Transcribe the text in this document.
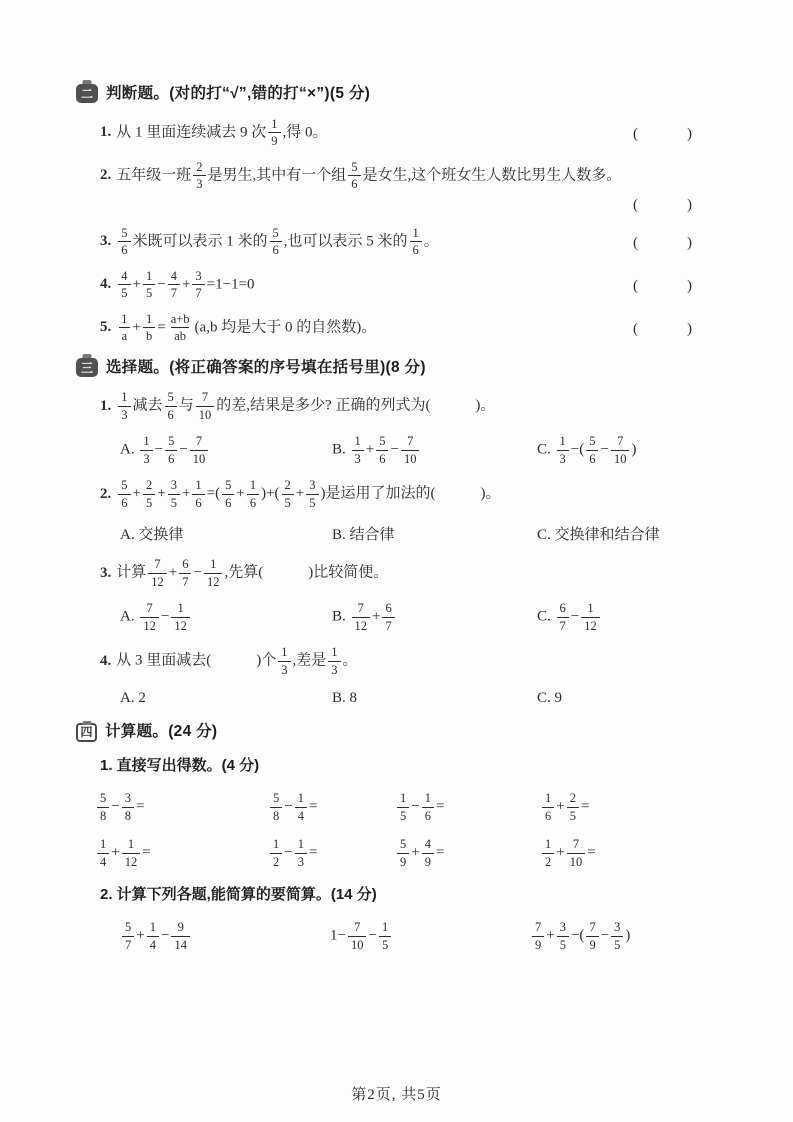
二 判断题。(对的打“√”,错的打“×”)(5 分)
1. 从 1 里面连续减去 9 次 $\frac{1}{9}$ ,得 0。	(　　　)
2. 五年级一班 $\frac{2}{3}$ 是男生,其中有一个组 $\frac{5}{6}$ 是女生,这个班女生人数比男生人数多。
(　　　)
3. $\frac{5}{6}$ 米既可以表示 1 米的 $\frac{5}{6}$ ,也可以表示 5 米的 $\frac{1}{6}$ 。	(　　　)
4. $\frac{4}{5} + \frac{1}{5} - \frac{4}{7} + \frac{3}{7} =1-1=0$	(　　　)
5. $\frac{1}{a} + \frac{1}{b} = \frac{a+b}{ab} (a,b$ 均是大于 0 的自然数)。	(　　　)
三 选择题。(将正确答案的序号填在括号里)(8 分)
1. $\frac{1}{3}$ 减去 $\frac{5}{6}$ 与 $\frac{7}{10}$ 的差,结果是多少? 正确的列式为(　　　)。
A. $\frac{1}{3} - \frac{5}{6} - \frac{7}{10}$	B. $\frac{1}{3} + \frac{5}{6} - \frac{7}{10}$	C. $\frac{1}{3}$ −( $\frac{5}{6} - \frac{7}{10}$ )
2. $\frac{5}{6} + \frac{2}{5} + \frac{3}{5} + \frac{1}{6}$ =( $\frac{5}{6} + \frac{1}{6}$ )+( $\frac{2}{5} + \frac{3}{5}$ )是运用了加法的(　　　)。
A. 交换律	B. 结合律	C. 交换律和结合律
3. 计算 $\frac{7}{12} + \frac{6}{7} - \frac{1}{12}$ ,先算(　　　)比较简便。
A. $\frac{7}{12} - \frac{1}{12}$	B. $\frac{7}{12} + \frac{6}{7}$	C. $\frac{6}{7} - \frac{1}{12}$
4. 从 3 里面减去(　　　)个 $\frac{1}{3}$ ,差是 $\frac{1}{3}$ 。
A. 2	B. 8	C. 9
四 计算题。(24 分)
1. 直接写出得数。(4 分)
$\frac{5}{8} - \frac{3}{8}$ =	$\frac{5}{8} - \frac{1}{4}$ =	$\frac{1}{5} - \frac{1}{6}$ =	$\frac{1}{6} + \frac{2}{5}$ =
$\frac{1}{4} + \frac{1}{12}$ =	$\frac{1}{2} - \frac{1}{3}$ =	$\frac{5}{9} + \frac{4}{9}$ =	$\frac{1}{2} + \frac{7}{10}$ =
2. 计算下列各题,能简算的要简算。(14 分)
$\frac{5}{7} + \frac{1}{4} - \frac{9}{14}$	$1- \frac{7}{10} - \frac{1}{5}$	$\frac{7}{9} + \frac{3}{5}$ −( $\frac{7}{9} - \frac{3}{5}$ )
第2页, 共5页
